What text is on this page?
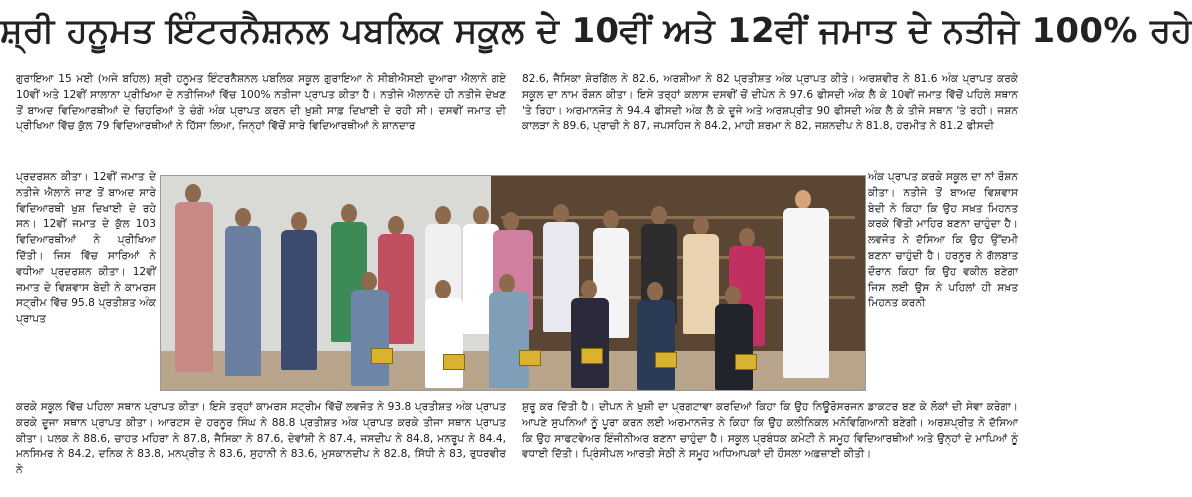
ਸ਼੍ਰੀ ਹਨੂਮਤ ਇੰਟਰਨੈਸ਼ਨਲ ਪਬਲਿਕ ਸਕੂਲ ਦੇ 10ਵੀਂ ਅਤੇ 12ਵੀਂ ਜਮਾਤ ਦੇ ਨਤੀਜੇ 100% ਰਹੇ

ਗੁਰਾਇਆ 15 ਮਈ (ਅਜੇ ਬਹਿਲ) ਸ਼੍ਰੀ ਹਨੂਮਤ ਇੰਟਰਨੈਸ਼ਨਲ ਪਬਲਿਕ ਸਕੂਲ ਗੁਰਾਇਆ ਨੇ ਸੀਬੀਐਸਈ ਦੁਆਰਾ ਐਲਾਨੇ ਗਏ 10ਵੀਂ ਅਤੇ 12ਵੀਂ ਸਾਲਾਨਾ ਪ੍ਰੀਖਿਆ ਦੇ ਨਤੀਜਿਆਂ ਵਿੱਚ 100% ਨਤੀਜਾ ਪ੍ਰਾਪਤ ਕੀਤਾ ਹੈ। ਨਤੀਜੇ ਐਲਾਨਦੇ ਹੀ ਨਤੀਜੇ ਦੇਖਣ ਤੋਂ ਬਾਅਦ ਵਿਦਿਆਰਥੀਆਂ ਦੇ ਚਿਹਰਿਆਂ ਤੇ ਚੰਗੇ ਅੰਕ ਪ੍ਰਾਪਤ ਕਰਨ ਦੀ ਖ਼ੁਸ਼ੀ ਸਾਫ਼ ਦਿਖਾਈ ਦੇ ਰਹੀ ਸੀ। ਦਸਵੀਂ ਜਮਾਤ ਦੀ ਪ੍ਰੀਖਿਆ ਵਿੱਚ ਕੁੱਲ 79 ਵਿਦਿਆਰਥੀਆਂ ਨੇ ਹਿੱਸਾ ਲਿਆ, ਜਿਨ੍ਹਾਂ ਵਿੱਚੋਂ ਸਾਰੇ ਵਿਦਿਆਰਥੀਆਂ ਨੇ ਸ਼ਾਨਦਾਰ

82.6, ਜੈਸਿਕਾ ਸ਼ੇਰਗਿੱਲ ਨੇ 82.6, ਅਰਸ਼ੀਆ ਨੇ 82 ਪ੍ਰਤੀਸ਼ਤ ਅੰਕ ਪ੍ਰਾਪਤ ਕੀਤੇ। ਅਰਸ਼ਵੀਰ ਨੇ 81.6 ਅੰਕ ਪ੍ਰਾਪਤ ਕਰਕੇ ਸਕੂਲ ਦਾ ਨਾਮ ਰੌਸ਼ਨ ਕੀਤਾ। ਇਸੇ ਤਰ੍ਹਾਂ ਕਲਾਸ ਦਸਵੀਂ ਚੋਂ ਦੀਪੇਨ ਨੇ 97.6 ਫੀਸਦੀ ਅੰਕ ਲੈ ਕੇ 10ਵੀਂ ਜਮਾਤ ਵਿੱਚੋਂ ਪਹਿਲੇ ਸਥਾਨ 'ਤੇ ਰਿਹਾ। ਅਰਮਾਨਜੋਤ ਨੇ 94.4 ਫੀਸਦੀ ਅੰਕ ਲੈ ਕੇ ਦੂਜੇ ਅਤੇ ਅਰਸ਼ਪ੍ਰੀਤ 90 ਫੀਸਦੀ ਅੰਕ ਲੈ ਕੇ ਤੀਜੇ ਸਥਾਨ 'ਤੇ ਰਹੀ। ਜਸ਼ਨ ਕਾਲੜਾ ਨੇ 89.6, ਪ੍ਰਾਚੀ ਨੇ 87, ਜਪਸਹਿਜ ਨੇ 84.2, ਮਾਹੀ ਸ਼ਰਮਾ ਨੇ 82, ਜਸ਼ਨਦੀਪ ਨੇ 81.8, ਹਰਮੀਤ ਨੇ 81.2 ਫੀਸਦੀ

ਪ੍ਰਦਰਸ਼ਨ ਕੀਤਾ। 12ਵੀਂ ਜਮਾਤ ਦੇ ਨਤੀਜੇ ਐਲਾਨੇ ਜਾਣ ਤੋਂ ਬਾਅਦ ਸਾਰੇ ਵਿਦਿਆਰਥੀ ਖੁਸ਼ ਦਿਖਾਈ ਦੇ ਰਹੇ ਸਨ। 12ਵੀਂ ਜਮਾਤ ਦੇ ਕੁੱਲ 103 ਵਿਦਿਆਰਥੀਆਂ ਨੇ ਪ੍ਰੀਖਿਆ ਦਿੱਤੀ। ਜਿਸ ਵਿੱਚ ਸਾਰਿਆਂ ਨੇ ਵਧੀਆ ਪ੍ਰਦਰਸ਼ਨ ਕੀਤਾ। 12ਵੀਂ ਜਮਾਤ ਦੇ ਵਿਸ਼ਵਾਸ ਬੇਦੀ ਨੇ ਕਾਮਰਸ ਸਟ੍ਰੀਮ ਵਿੱਚ 95.8 ਪ੍ਰਤੀਸ਼ਤ ਅੰਕ ਪ੍ਰਾਪਤ

ਅੰਕ ਪ੍ਰਾਪਤ ਕਰਕੇ ਸਕੂਲ ਦਾ ਨਾਂ ਰੌਸ਼ਨ ਕੀਤਾ। ਨਤੀਜੇ ਤੋਂ ਬਾਅਦ ਵਿਸ਼ਵਾਸ ਬੇਦੀ ਨੇ ਕਿਹਾ ਕਿ ਉਹ ਸਖ਼ਤ ਮਿਹਨਤ ਕਰਕੇ ਵਿੱਤੀ ਮਾਹਿਰ ਬਣਨਾ ਚਾਹੁੰਦਾ ਹੈ। ਲਵਜੋਤ ਨੇ ਦੱਸਿਆ ਕਿ ਉਹ ਉੱਦਮੀ ਬਣਨਾ ਚਾਹੁੰਦੀ ਹੈ। ਹਰਨੂਰ ਨੇ ਗੱਲਬਾਤ ਦੌਰਾਨ ਕਿਹਾ ਕਿ ਉਹ ਵਕੀਲ ਬਣੇਗਾ ਜਿਸ ਲਈ ਉਸ ਨੇ ਪਹਿਲਾਂ ਹੀ ਸਖ਼ਤ ਮਿਹਨਤ ਕਰਨੀ

ਕਰਕੇ ਸਕੂਲ ਵਿੱਚ ਪਹਿਲਾ ਸਥਾਨ ਪ੍ਰਾਪਤ ਕੀਤਾ। ਇਸੇ ਤਰ੍ਹਾਂ ਕਾਮਰਸ ਸਟ੍ਰੀਮ ਵਿੱਚੋਂ ਲਵਜੋਤ ਨੇ 93.8 ਪ੍ਰਤੀਸ਼ਤ ਅੰਕ ਪ੍ਰਾਪਤ ਕਰਕੇ ਦੂਜਾ ਸਥਾਨ ਪ੍ਰਾਪਤ ਕੀਤਾ। ਆਰਟਸ ਦੇ ਹਰਨੂਰ ਸਿੰਘ ਨੇ 88.8 ਪ੍ਰਤੀਸ਼ਤ ਅੰਕ ਪ੍ਰਾਪਤ ਕਰਕੇ ਤੀਜਾ ਸਥਾਨ ਪ੍ਰਾਪਤ ਕੀਤਾ। ਪਲਕ ਨੇ 88.6, ਚਾਹਤ ਮਹਿਰਾ ਨੇ 87.8, ਜੈਸਿਕਾ ਨੇ 87.6, ਦੇਵਾਂਸ਼ੀ ਨੇ 87.4, ਜਸਦੀਪ ਨੇ 84.8, ਮਨਰੂਪ ਨੇ 84.4, ਮਨਸਿਮਰ ਨੇ 84.2, ਦਨਿਕ ਨੇ 83.8, ਮਨਪ੍ਰੀਤ ਨੇ 83.6, ਸੁਹਾਨੀ ਨੇ 83.6, ਮੁਸਕਾਨਦੀਪ ਨੇ 82.8, ਸਿੱਧੀ ਨੇ 83, ਰੁਧਰਵੀਰ ਨੇ

ਸ਼ੁਰੂ ਕਰ ਦਿੱਤੀ ਹੈ। ਦੀਪਨ ਨੇ ਖੁਸ਼ੀ ਦਾ ਪ੍ਰਗਟਾਵਾ ਕਰਦਿਆਂ ਕਿਹਾ ਕਿ ਉਹ ਨਿਊਰੋਸਰਜਨ ਡਾਕਟਰ ਬਣ ਕੇ ਲੋਕਾਂ ਦੀ ਸੇਵਾ ਕਰੇਗਾ। ਆਪਣੇ ਸੁਪਨਿਆਂ ਨੂੰ ਪੂਰਾ ਕਰਨ ਲਈ ਅਰਮਾਨਜੋਤ ਨੇ ਕਿਹਾ ਕਿ ਉਹ ਕਲੀਨਿਕਲ ਮਨੋਵਿਗਿਆਨੀ ਬਣੇਗੀ। ਅਰਸ਼ਪ੍ਰੀਤ ਨੇ ਦੱਸਿਆ ਕਿ ਉਹ ਸਾਫਟਵੇਅਰ ਇੰਜੀਨੀਅਰ ਬਣਨਾ ਚਾਹੁੰਦਾ ਹੈ। ਸਕੂਲ ਪ੍ਰਬੰਧਕ ਕਮੇਟੀ ਨੇ ਸਮੂਹ ਵਿਦਿਆਰਥੀਆਂ ਅਤੇ ਉਨ੍ਹਾਂ ਦੇ ਮਾਪਿਆਂ ਨੂੰ ਵਧਾਈ ਦਿੱਤੀ। ਪ੍ਰਿੰਸੀਪਲ ਆਰਤੀ ਸੇਠੀ ਨੇ ਸਮੂਹ ਅਧਿਆਪਕਾਂ ਦੀ ਹੌਸਲਾ ਅਫ਼ਜ਼ਾਈ ਕੀਤੀ।
